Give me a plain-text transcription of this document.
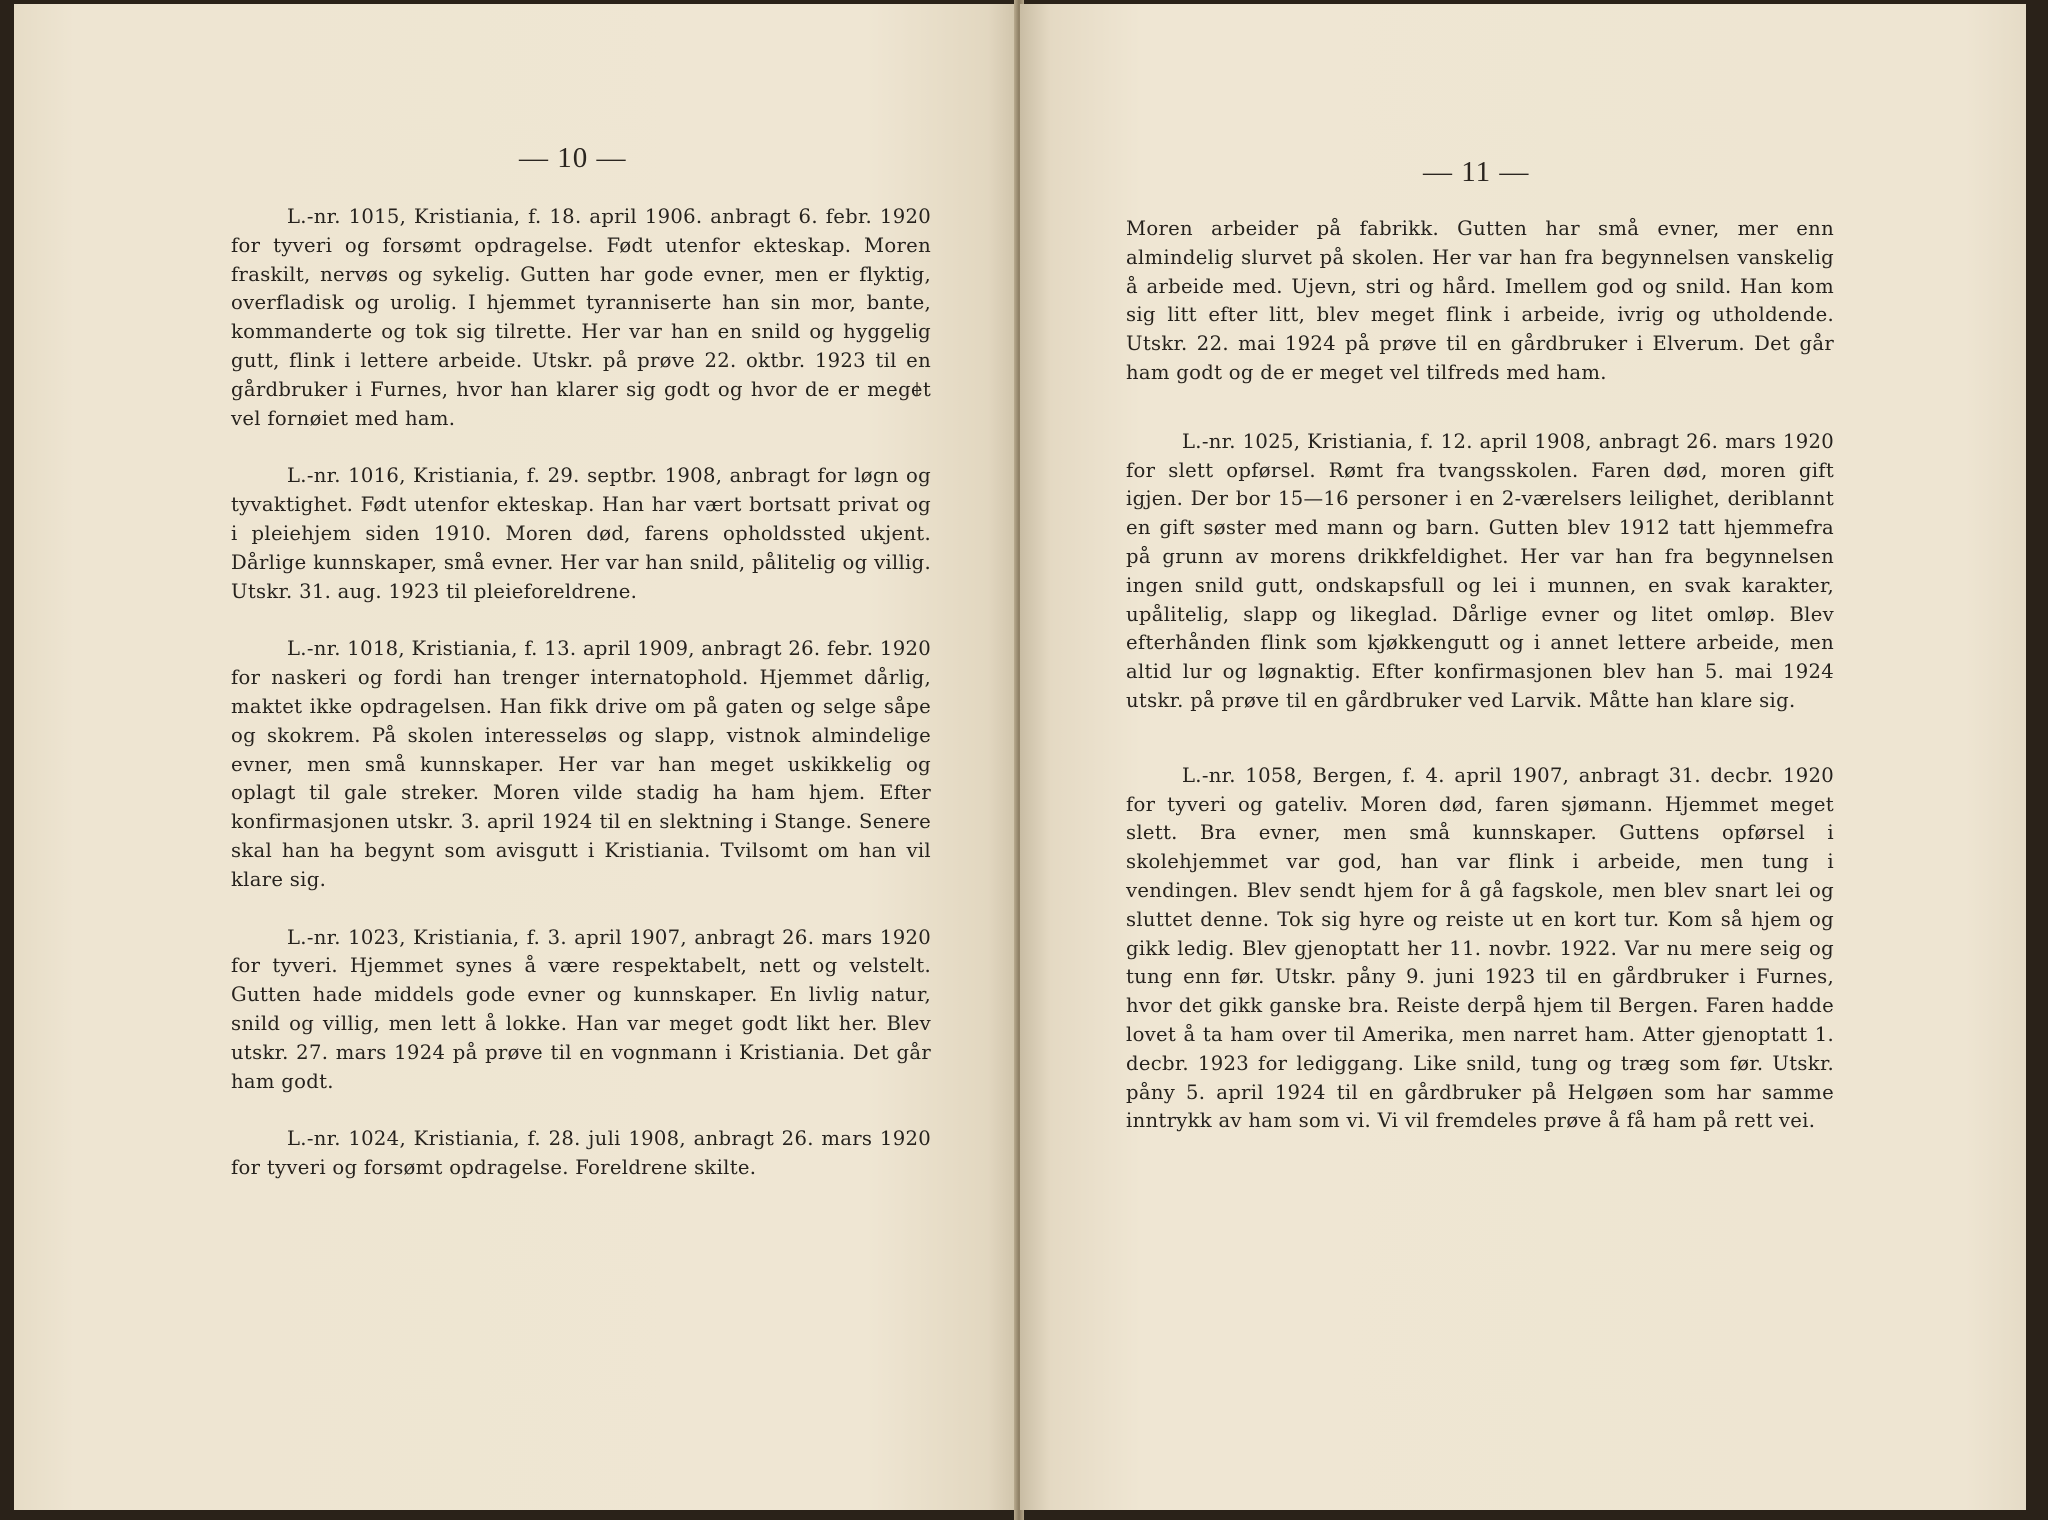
— 10 —

L.-nr. 1015, Kristiania, f. 18. april 1906. anbragt 6. febr. 1920 for tyveri og forsømt opdragelse. Født utenfor ekteskap. Moren fraskilt, nervøs og sykelig. Gutten har gode evner, men er flyktig, overfladisk og urolig. I hjemmet tyranniserte han sin mor, bante, kommanderte og tok sig tilrette. Her var han en snild og hyggelig gutt, flink i lettere arbeide. Utskr. på prøve 22. oktbr. 1923 til en gårdbruker i Furnes, hvor han klarer sig godt og hvor de er meget vel fornøiet med ham.

L.-nr. 1016, Kristiania, f. 29. septbr. 1908, anbragt for løgn og tyvaktighet. Født utenfor ekteskap. Han har vært bortsatt privat og i pleiehjem siden 1910. Moren død, farens opholdssted ukjent. Dårlige kunnskaper, små evner. Her var han snild, pålitelig og villig. Utskr. 31. aug. 1923 til pleieforeldrene.

L.-nr. 1018, Kristiania, f. 13. april 1909, anbragt 26. febr. 1920 for naskeri og fordi han trenger internatophold. Hjemmet dårlig, maktet ikke opdragelsen. Han fikk drive om på gaten og selge såpe og skokrem. På skolen interesseløs og slapp, vistnok almindelige evner, men små kunnskaper. Her var han meget uskikkelig og oplagt til gale streker. Moren vilde stadig ha ham hjem. Efter konfirmasjonen utskr. 3. april 1924 til en slektning i Stange. Senere skal han ha begynt som avisgutt i Kristiania. Tvilsomt om han vil klare sig.

L.-nr. 1023, Kristiania, f. 3. april 1907, anbragt 26. mars 1920 for tyveri. Hjemmet synes å være respektabelt, nett og velstelt. Gutten hade middels gode evner og kunnskaper. En livlig natur, snild og villig, men lett å lokke. Han var meget godt likt her. Blev utskr. 27. mars 1924 på prøve til en vognmann i Kristiania. Det går ham godt.

L.-nr. 1024, Kristiania, f. 28. juli 1908, anbragt 26. mars 1920 for tyveri og forsømt opdragelse. Foreldrene skilte.

— 11 —

Moren arbeider på fabrikk. Gutten har små evner, mer enn almindelig slurvet på skolen. Her var han fra begynnelsen vanskelig å arbeide med. Ujevn, stri og hård. Imellem god og snild. Han kom sig litt efter litt, blev meget flink i arbeide, ivrig og utholdende. Utskr. 22. mai 1924 på prøve til en gårdbruker i Elverum. Det går ham godt og de er meget vel tilfreds med ham.

L.-nr. 1025, Kristiania, f. 12. april 1908, anbragt 26. mars 1920 for slett opførsel. Rømt fra tvangsskolen. Faren død, moren gift igjen. Der bor 15—16 personer i en 2-værelsers leilighet, deriblannt en gift søster med mann og barn. Gutten blev 1912 tatt hjemmefra på grunn av morens drikkfeldighet. Her var han fra begynnelsen ingen snild gutt, ondskapsfull og lei i munnen, en svak karakter, upålitelig, slapp og likeglad. Dårlige evner og litet omløp. Blev efterhånden flink som kjøkkengutt og i annet lettere arbeide, men altid lur og løgnaktig. Efter konfirmasjonen blev han 5. mai 1924 utskr. på prøve til en gårdbruker ved Larvik. Måtte han klare sig.

L.-nr. 1058, Bergen, f. 4. april 1907, anbragt 31. decbr. 1920 for tyveri og gateliv. Moren død, faren sjømann. Hjemmet meget slett. Bra evner, men små kunnskaper. Guttens opførsel i skolehjemmet var god, han var flink i arbeide, men tung i vendingen. Blev sendt hjem for å gå fagskole, men blev snart lei og sluttet denne. Tok sig hyre og reiste ut en kort tur. Kom så hjem og gikk ledig. Blev gjenoptatt her 11. novbr. 1922. Var nu mere seig og tung enn før. Utskr. påny 9. juni 1923 til en gårdbruker i Furnes, hvor det gikk ganske bra. Reiste derpå hjem til Bergen. Faren hadde lovet å ta ham over til Amerika, men narret ham. Atter gjenoptatt 1. decbr. 1923 for lediggang. Like snild, tung og træg som før. Utskr. påny 5. april 1924 til en gårdbruker på Helgøen som har samme inntrykk av ham som vi. Vi vil fremdeles prøve å få ham på rett vei.
